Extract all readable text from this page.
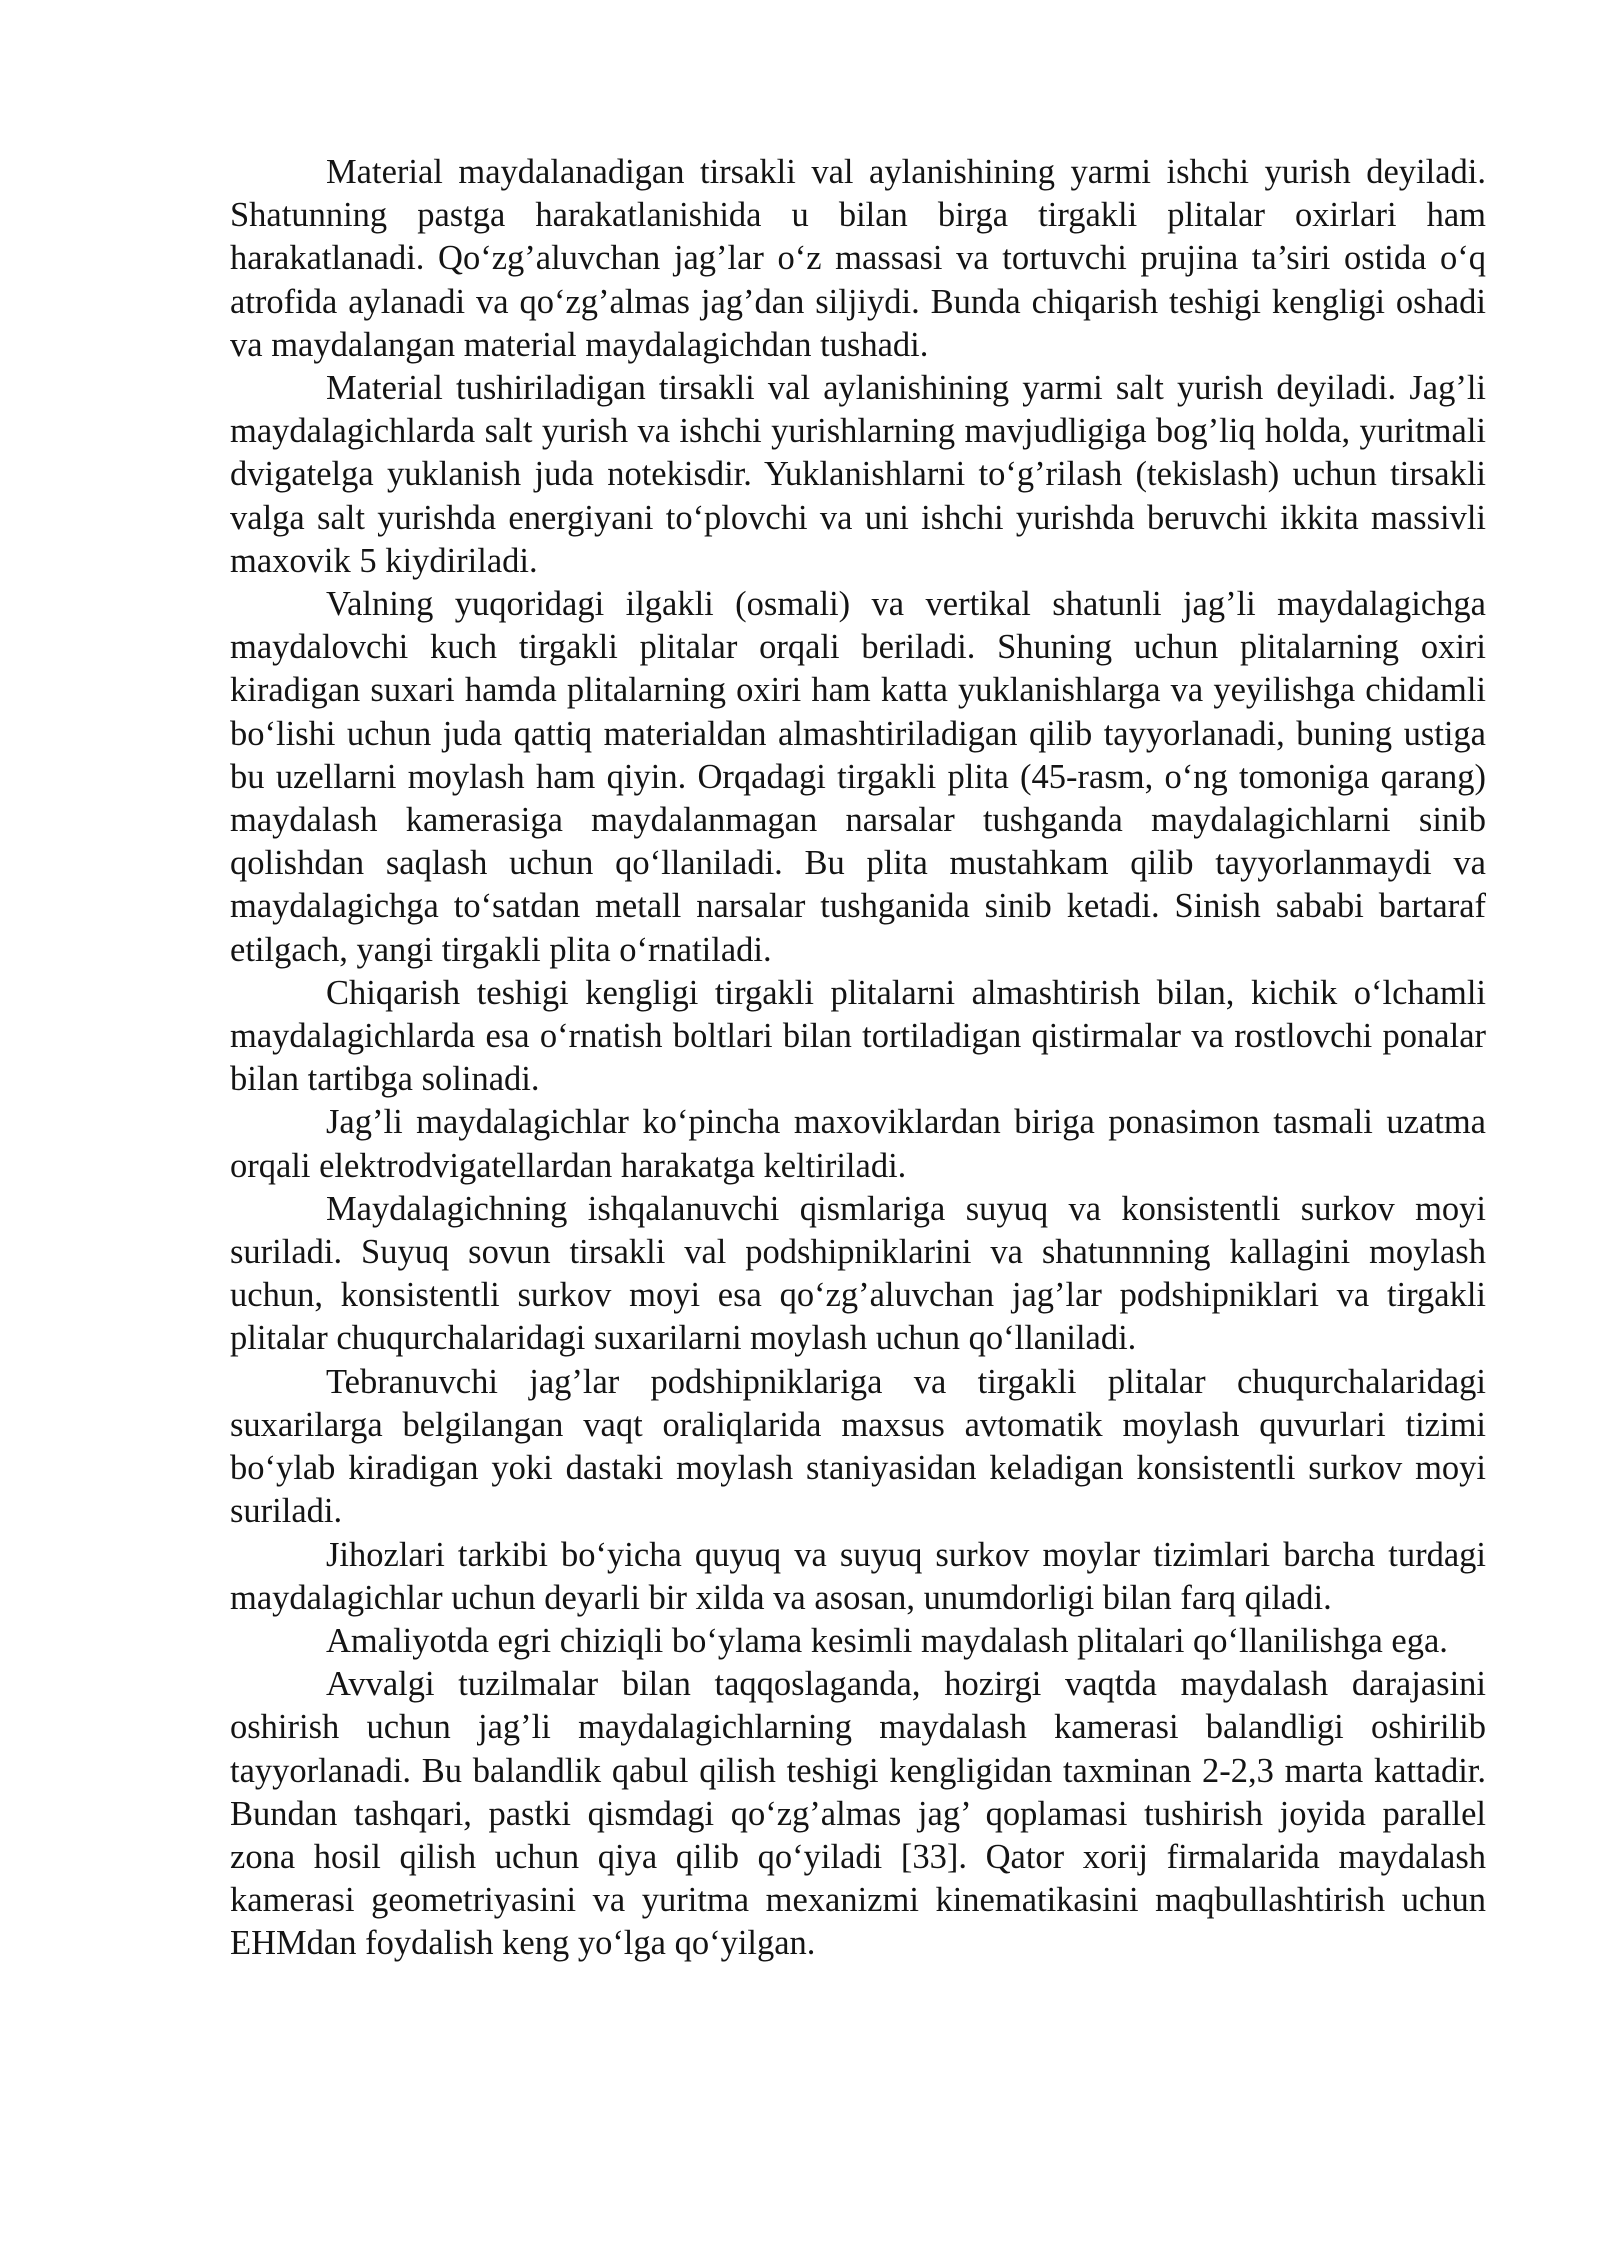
Material maydalanadigan tirsakli val aylanishining yarmi ishchi yurish deyiladi. Shatunning pastga harakatlanishida u bilan birga tirgakli plitalar oxirlari ham harakatlanadi. Qo‘zg’aluvchan jag’lar o‘z massasi va tortuvchi prujina ta’siri ostida o‘q atrofida aylanadi va qo‘zg’almas jag’dan siljiydi. Bunda chiqarish teshigi kengligi oshadi va maydalangan material maydalagichdan tushadi.

Material tushiriladigan tirsakli val aylanishining yarmi salt yurish deyiladi. Jag’li maydalagichlarda salt yurish va ishchi yurishlarning mavjudligiga bog’liq holda, yuritmali dvigatelga yuklanish juda notekisdir. Yuklanishlarni to‘g’rilash (tekislash) uchun tirsakli valga salt yurishda energiyani to‘plovchi va uni ishchi yurishda beruvchi ikkita massivli maxovik 5 kiydiriladi.

Valning yuqoridagi ilgakli (osmali) va vertikal shatunli jag’li maydalagichga maydalovchi kuch tirgakli plitalar orqali beriladi. Shuning uchun plitalarning oxiri kiradigan suxari hamda plitalarning oxiri ham katta yuklanishlarga va yeyilishga chidamli bo‘lishi uchun juda qattiq materialdan almashtiriladigan qilib tayyorlanadi, buning ustiga bu uzellarni moylash ham qiyin. Orqadagi tirgakli plita (45-rasm, o‘ng tomoniga qarang) maydalash kamerasiga maydalanmagan narsalar tushganda maydalagichlarni sinib qolishdan saqlash uchun qo‘llaniladi. Bu plita mustahkam qilib tayyorlanmaydi va maydalagichga to‘satdan metall narsalar tushganida sinib ketadi. Sinish sababi bartaraf etilgach, yangi tirgakli plita o‘rnatiladi.

Chiqarish teshigi kengligi tirgakli plitalarni almashtirish bilan, kichik o‘lchamli maydalagichlarda esa o‘rnatish boltlari bilan tortiladigan qistirmalar va rostlovchi ponalar bilan tartibga solinadi.

Jag’li maydalagichlar ko‘pincha maxoviklardan biriga ponasimon tasmali uzatma orqali elektrodvigatellardan harakatga keltiriladi.

Maydalagichning ishqalanuvchi qismlariga suyuq va konsistentli surkov moyi suriladi. Suyuq sovun tirsakli val podshipniklarini va shatunnning kallagini moylash uchun, konsistentli surkov moyi esa qo‘zg’aluvchan jag’lar podshipniklari va tirgakli plitalar chuqurchalaridagi suxarilarni moylash uchun qo‘llaniladi.

Tebranuvchi jag’lar podshipniklariga va tirgakli plitalar chuqurchalaridagi suxarilarga belgilangan vaqt oraliqlarida maxsus avtomatik moylash quvurlari tizimi bo‘ylab kiradigan yoki dastaki moylash staniyasidan keladigan konsistentli surkov moyi suriladi.

Jihozlari tarkibi bo‘yicha quyuq va suyuq surkov moylar tizimlari barcha turdagi maydalagichlar uchun deyarli bir xilda va asosan, unumdorligi bilan farq qiladi.

Amaliyotda egri chiziqli bo‘ylama kesimli maydalash plitalari qo‘llanilishga ega.

Avvalgi tuzilmalar bilan taqqoslaganda, hozirgi vaqtda maydalash darajasini oshirish uchun jag’li maydalagichlarning maydalash kamerasi balandligi oshirilib tayyorlanadi. Bu balandlik qabul qilish teshigi kengligidan taxminan 2-2,3 marta kattadir. Bundan tashqari, pastki qismdagi qo‘zg’almas jag’ qoplamasi tushirish joyida parallel zona hosil qilish uchun qiya qilib qo‘yiladi [33]. Qator xorij firmalarida maydalash kamerasi geometriyasini va yuritma mexanizmi kinematikasini maqbullashtirish uchun EHMdan foydalish keng yo‘lga qo‘yilgan.
